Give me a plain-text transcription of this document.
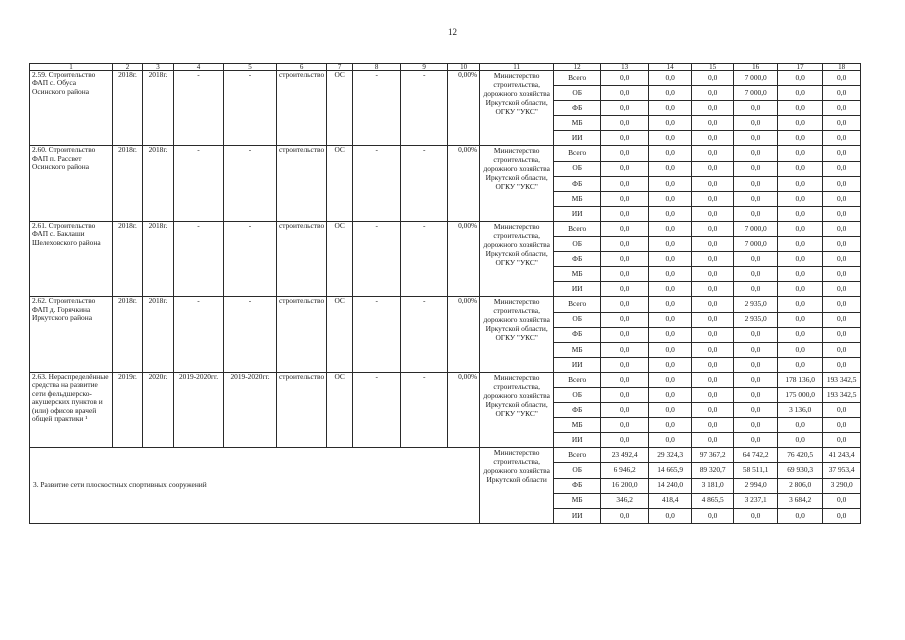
12
1	2	3	4	5	6	7	8	9	10	11	12	13	14	15	16	17	18
2.59. Строительство ФАП с. Обуса Осинского района	2018г.	2018г.	-	-	строительство	ОС	-	-	0,00%	Министерство строительства, дорожного хозяйства Иркутской области, ОГКУ "УКС"	Всего	0,0	0,0	0,0	7 000,0	0,0	0,0
											ОБ	0,0	0,0	0,0	7 000,0	0,0	0,0
											ФБ	0,0	0,0	0,0	0,0	0,0	0,0
											МБ	0,0	0,0	0,0	0,0	0,0	0,0
											ИИ	0,0	0,0	0,0	0,0	0,0	0,0
2.60. Строительство ФАП п. Рассвет Осинского района	2018г.	2018г.	-	-	строительство	ОС	-	-	0,00%	Министерство строительства, дорожного хозяйства Иркутской области, ОГКУ "УКС"	Всего	0,0	0,0	0,0	0,0	0,0	0,0
											ОБ	0,0	0,0	0,0	0,0	0,0	0,0
											ФБ	0,0	0,0	0,0	0,0	0,0	0,0
											МБ	0,0	0,0	0,0	0,0	0,0	0,0
											ИИ	0,0	0,0	0,0	0,0	0,0	0,0
2.61. Строительство ФАП с. Баклаши Шелеховского района	2018г.	2018г.	-	-	строительство	ОС	-	-	0,00%	Министерство строительства, дорожного хозяйства Иркутской области, ОГКУ "УКС"	Всего	0,0	0,0	0,0	7 000,0	0,0	0,0
											ОБ	0,0	0,0	0,0	7 000,0	0,0	0,0
											ФБ	0,0	0,0	0,0	0,0	0,0	0,0
											МБ	0,0	0,0	0,0	0,0	0,0	0,0
											ИИ	0,0	0,0	0,0	0,0	0,0	0,0
2.62. Строительство ФАП д. Горячкина Иркутского района	2018г.	2018г.	-	-	строительство	ОС	-	-	0,00%	Министерство строительства, дорожного хозяйства Иркутской области, ОГКУ "УКС"	Всего	0,0	0,0	0,0	2 935,0	0,0	0,0
											ОБ	0,0	0,0	0,0	2 935,0	0,0	0,0
											ФБ	0,0	0,0	0,0	0,0	0,0	0,0
											МБ	0,0	0,0	0,0	0,0	0,0	0,0
											ИИ	0,0	0,0	0,0	0,0	0,0	0,0
2.63. Нераспределённые средства на развитие сети фельдшерско-акушерских пунктов и (или) офисов врачей общей практики ¹	2019г.	2020г.	2019-2020гг.	2019-2020гг.	строительство	ОС	-	-	0,00%	Министерство строительства, дорожного хозяйства Иркутской области, ОГКУ "УКС"	Всего	0,0	0,0	0,0	0,0	178 136,0	193 342,5
											ОБ	0,0	0,0	0,0	0,0	175 000,0	193 342,5
											ФБ	0,0	0,0	0,0	0,0	3 136,0	0,0
											МБ	0,0	0,0	0,0	0,0	0,0	0,0
											ИИ	0,0	0,0	0,0	0,0	0,0	0,0
3. Развитие сети плоскостных спортивных сооружений										Министерство строительства, дорожного хозяйства Иркутской области	Всего	23 492,4	29 324,3	97 367,2	64 742,2	76 420,5	41 243,4
											ОБ	6 946,2	14 665,9	89 320,7	58 511,1	69 930,3	37 953,4
											ФБ	16 200,0	14 240,0	3 181,0	2 994,0	2 806,0	3 290,0
											МБ	346,2	418,4	4 865,5	3 237,1	3 684,2	0,0
											ИИ	0,0	0,0	0,0	0,0	0,0	0,0
